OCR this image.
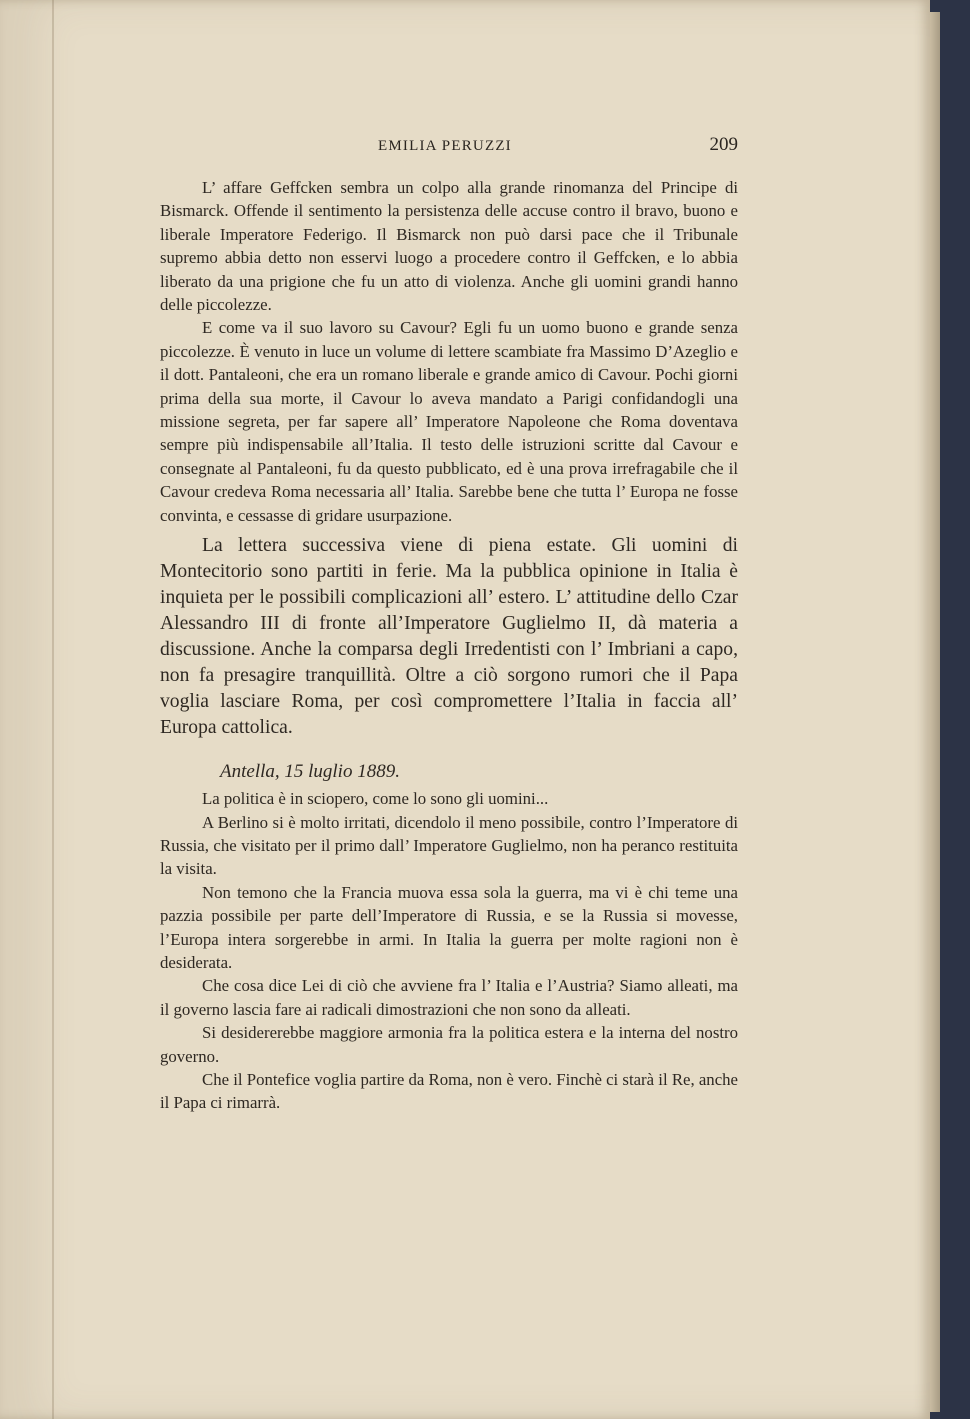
EMILIA PERUZZI	209

L’ affare Geffcken sembra un colpo alla grande rinomanza del Principe di Bismarck. Offende il sentimento la persistenza delle accuse contro il bravo, buono e liberale Imperatore Federigo. Il Bismarck non può darsi pace che il Tribunale supremo abbia detto non esservi luogo a procedere contro il Geffcken, e lo abbia liberato da una prigione che fu un atto di violenza. Anche gli uomini grandi hanno delle piccolezze.

E come va il suo lavoro su Cavour? Egli fu un uomo buono e grande senza piccolezze. È venuto in luce un volume di lettere scambiate fra Massimo D’Azeglio e il dott. Pantaleoni, che era un romano liberale e grande amico di Cavour. Pochi giorni prima della sua morte, il Cavour lo aveva mandato a Parigi confidandogli una missione segreta, per far sapere all’ Imperatore Napoleone che Roma doventava sempre più indispensabile all’Italia. Il testo delle istruzioni scritte dal Cavour e consegnate al Pantaleoni, fu da questo pubblicato, ed è una prova irrefragabile che il Cavour credeva Roma necessaria all’ Italia. Sarebbe bene che tutta l’ Europa ne fosse convinta, e cessasse di gridare usurpazione.

La lettera successiva viene di piena estate. Gli uomini di Montecitorio sono partiti in ferie. Ma la pubblica opinione in Italia è inquieta per le possibili complicazioni all’ estero. L’ attitudine dello Czar Alessandro III di fronte all’Imperatore Guglielmo II, dà materia a discussione. Anche la comparsa degli Irredentisti con l’ Imbriani a capo, non fa presagire tranquillità. Oltre a ciò sorgono rumori che il Papa voglia lasciare Roma, per così compromettere l’Italia in faccia all’ Europa cattolica.

Antella, 15 luglio 1889.

La politica è in sciopero, come lo sono gli uomini...

A Berlino si è molto irritati, dicendolo il meno possibile, contro l’Imperatore di Russia, che visitato per il primo dall’ Imperatore Guglielmo, non ha peranco restituita la visita.

Non temono che la Francia muova essa sola la guerra, ma vi è chi teme una pazzia possibile per parte dell’Imperatore di Russia, e se la Russia si movesse, l’Europa intera sorgerebbe in armi. In Italia la guerra per molte ragioni non è desiderata.

Che cosa dice Lei di ciò che avviene fra l’ Italia e l’Austria? Siamo alleati, ma il governo lascia fare ai radicali dimostrazioni che non sono da alleati.

Si desidererebbe maggiore armonia fra la politica estera e la interna del nostro governo.

Che il Pontefice voglia partire da Roma, non è vero. Finchè ci starà il Re, anche il Papa ci rimarrà.
